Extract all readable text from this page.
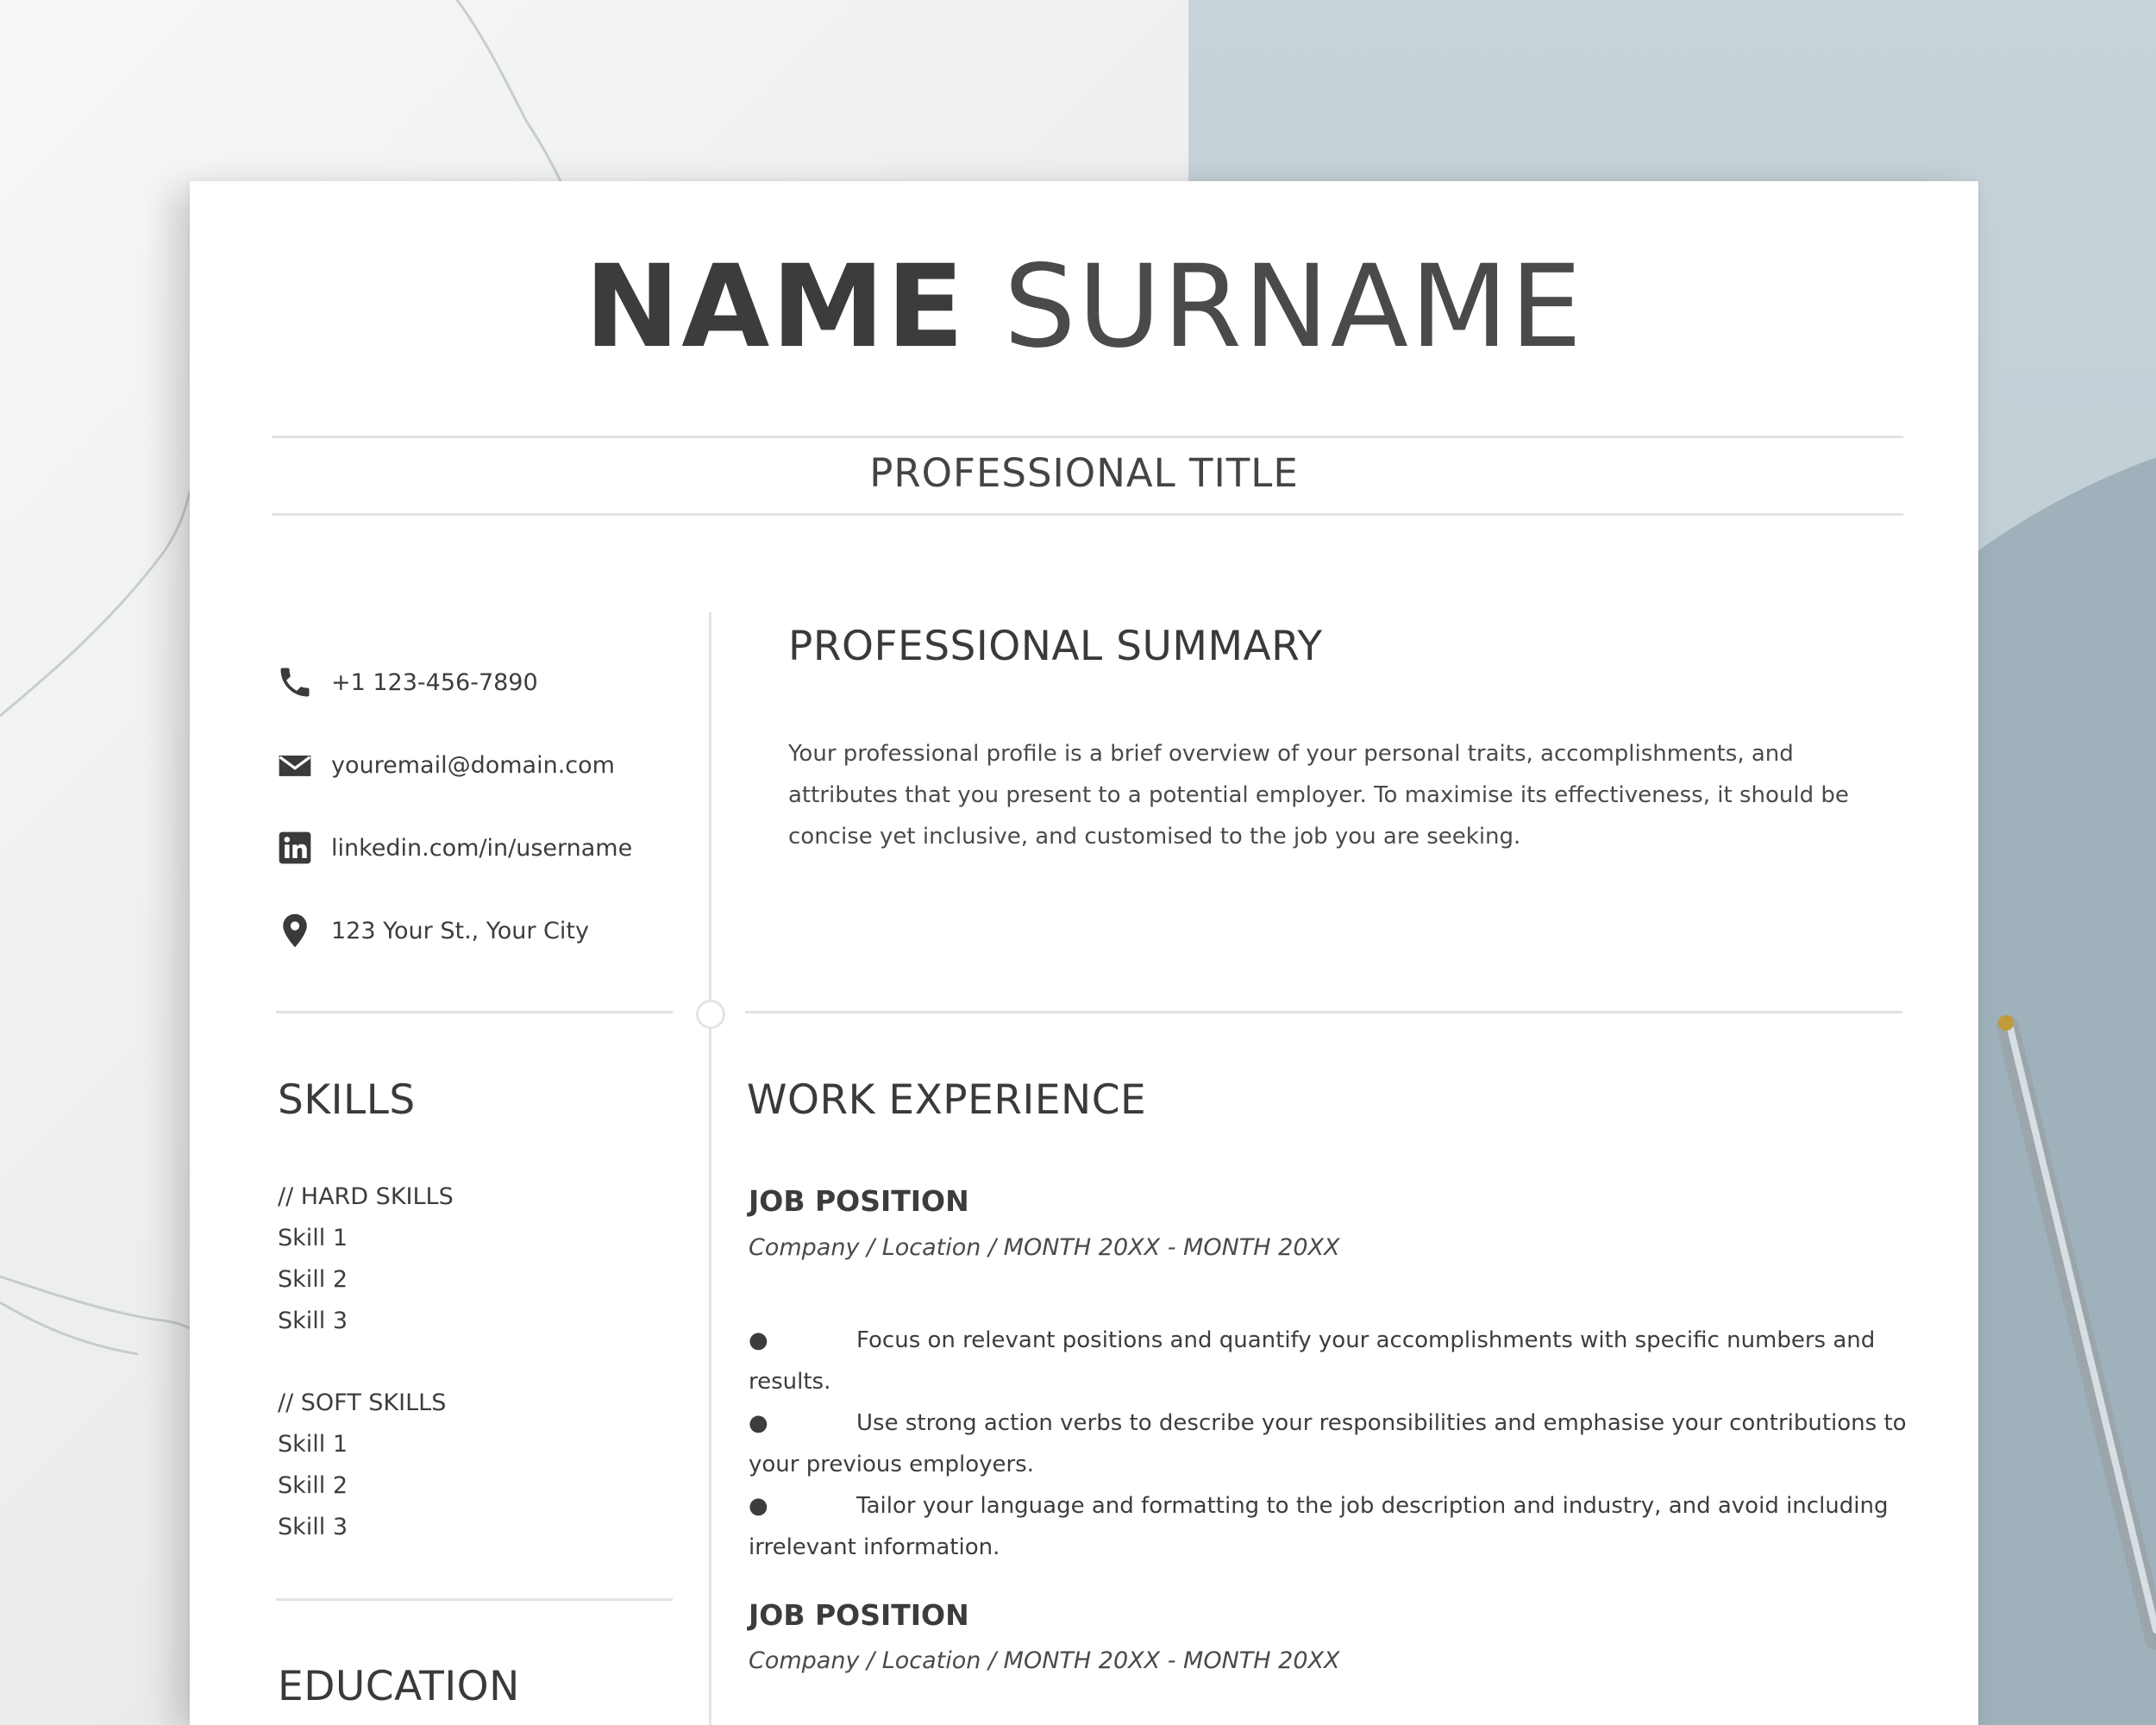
NAME SURNAME
PROFESSIONAL TITLE
+1 123-456-7890
youremail@domain.com
linkedin.com/in/username
123 Your St., Your City
PROFESSIONAL SUMMARY
Your professional profile is a brief overview of your personal traits, accomplishments, and attributes that you present to a potential employer. To maximise its effectiveness, it should be concise yet inclusive, and customised to the job you are seeking.
SKILLS
// HARD SKILLS
Skill 1
Skill 2
Skill 3
// SOFT SKILLS
Skill 1
Skill 2
Skill 3
EDUCATION
WORK EXPERIENCE
JOB POSITION
Company / Location / MONTH 20XX - MONTH 20XX
●	Focus on relevant positions and quantify your accomplishments with specific numbers and results.
●	Use strong action verbs to describe your responsibilities and emphasise your contributions to your previous employers.
●	Tailor your language and formatting to the job description and industry, and avoid including irrelevant information.
JOB POSITION
Company / Location / MONTH 20XX - MONTH 20XX
